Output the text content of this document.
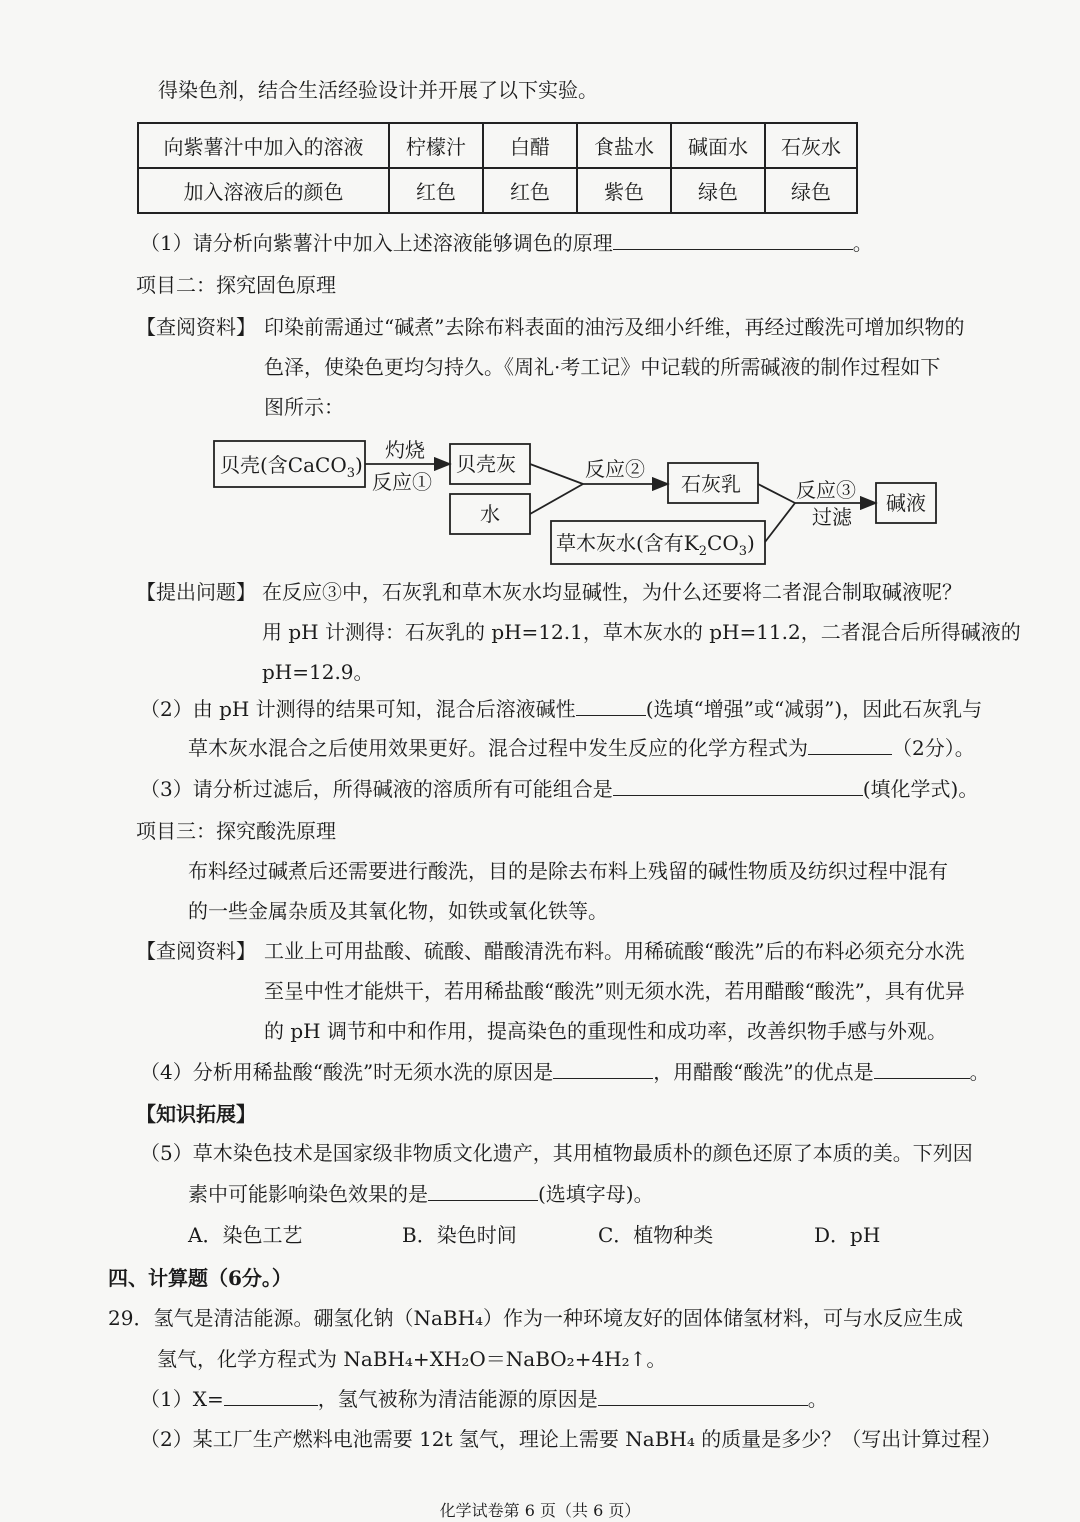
得染色剂，结合生活经验设计并开展了以下实验。
向紫薯汁中加入的溶液	柠檬汁	白醋	食盐水	碱面水	石灰水
加入溶液后的颜色	红色	红色	紫色	绿色	绿色
（1）请分析向紫薯汁中加入上述溶液能够调色的原理	。
项目二：探究固色原理
【查阅资料】 印染前需通过“碱煮”去除布料表面的油污及细小纤维，再经过酸洗可增加织物的
色泽，使染色更均匀持久。《周礼·考工记》中记载的所需碱液的制作过程如下
图所示：
贝壳(含CaCO$_3$)
灼烧
反应①
贝壳灰
水
反应②
石灰乳
草木灰水(含有$K_2CO_3$)
反应③
过滤
碱液
【提出问题】 在反应③中，石灰乳和草木灰水均显碱性，为什么还要将二者混合制取碱液呢？
用 pH 计测得：石灰乳的 pH=12.1，草木灰水的 pH=11.2，二者混合后所得碱液的
pH=12.9。
（2）由 pH 计测得的结果可知，混合后溶液碱性	(选填“增强”或“减弱”)，因此石灰乳与
草木灰水混合之后使用效果更好。混合过程中发生反应的化学方程式为	（2分）。
（3）请分析过滤后，所得碱液的溶质所有可能组合是	(填化学式)。
项目三：探究酸洗原理
布料经过碱煮后还需要进行酸洗，目的是除去布料上残留的碱性物质及纺织过程中混有
的一些金属杂质及其氧化物，如铁或氧化铁等。
【查阅资料】 工业上可用盐酸、硫酸、醋酸清洗布料。用稀硫酸“酸洗”后的布料必须充分水洗
至呈中性才能烘干，若用稀盐酸“酸洗”则无须水洗，若用醋酸“酸洗”，具有优异
的 pH 调节和中和作用，提高染色的重现性和成功率，改善织物手感与外观。
（4）分析用稀盐酸“酸洗”时无须水洗的原因是	，用醋酸“酸洗”的优点是	。
【知识拓展】
（5）草木染色技术是国家级非物质文化遗产，其用植物最质朴的颜色还原了本质的美。下列因
素中可能影响染色效果的是	(选填字母)。
A．染色工艺	B．染色时间	C．植物种类	D．pH
四、计算题（6分。）
29．氢气是清洁能源。硼氢化钠（NaBH₄）作为一种环境友好的固体储氢材料，可与水反应生成
氢气，化学方程式为 NaBH₄+XH₂O＝NaBO₂+4H₂↑。
（1）X=	，氢气被称为清洁能源的原因是	。
（2）某工厂生产燃料电池需要 12t 氢气，理论上需要 NaBH₄ 的质量是多少？（写出计算过程）
化学试卷第 6 页（共 6 页）
